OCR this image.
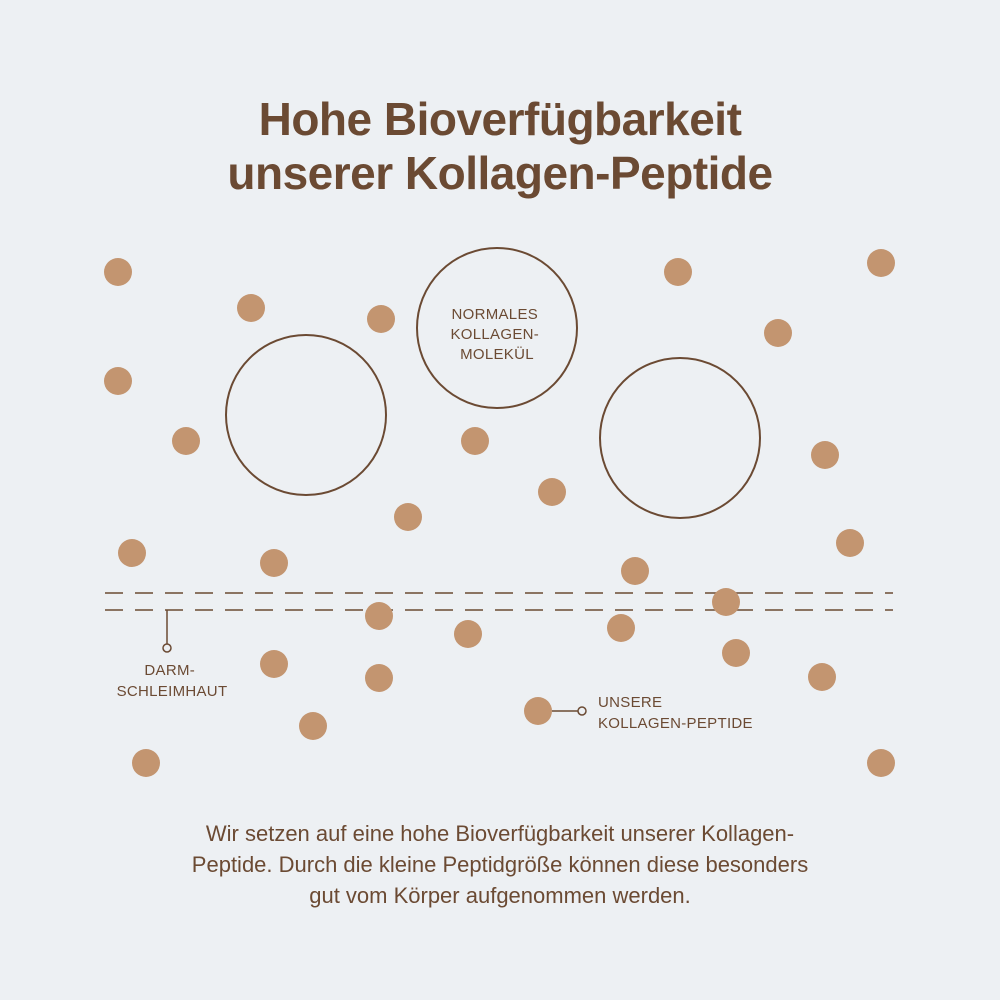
Hohe Bioverfügbarkeit
unserer Kollagen-Peptide
NORMALES KOLLAGEN- MOLEKÜL
DARM- SCHLEIMHAUT
UNSERE KOLLAGEN-PEPTIDE
Wir setzen auf eine hohe Bioverfügbarkeit unserer Kollagen-
Peptide. Durch die kleine Peptidgröße können diese besonders
gut vom Körper aufgenommen werden.
